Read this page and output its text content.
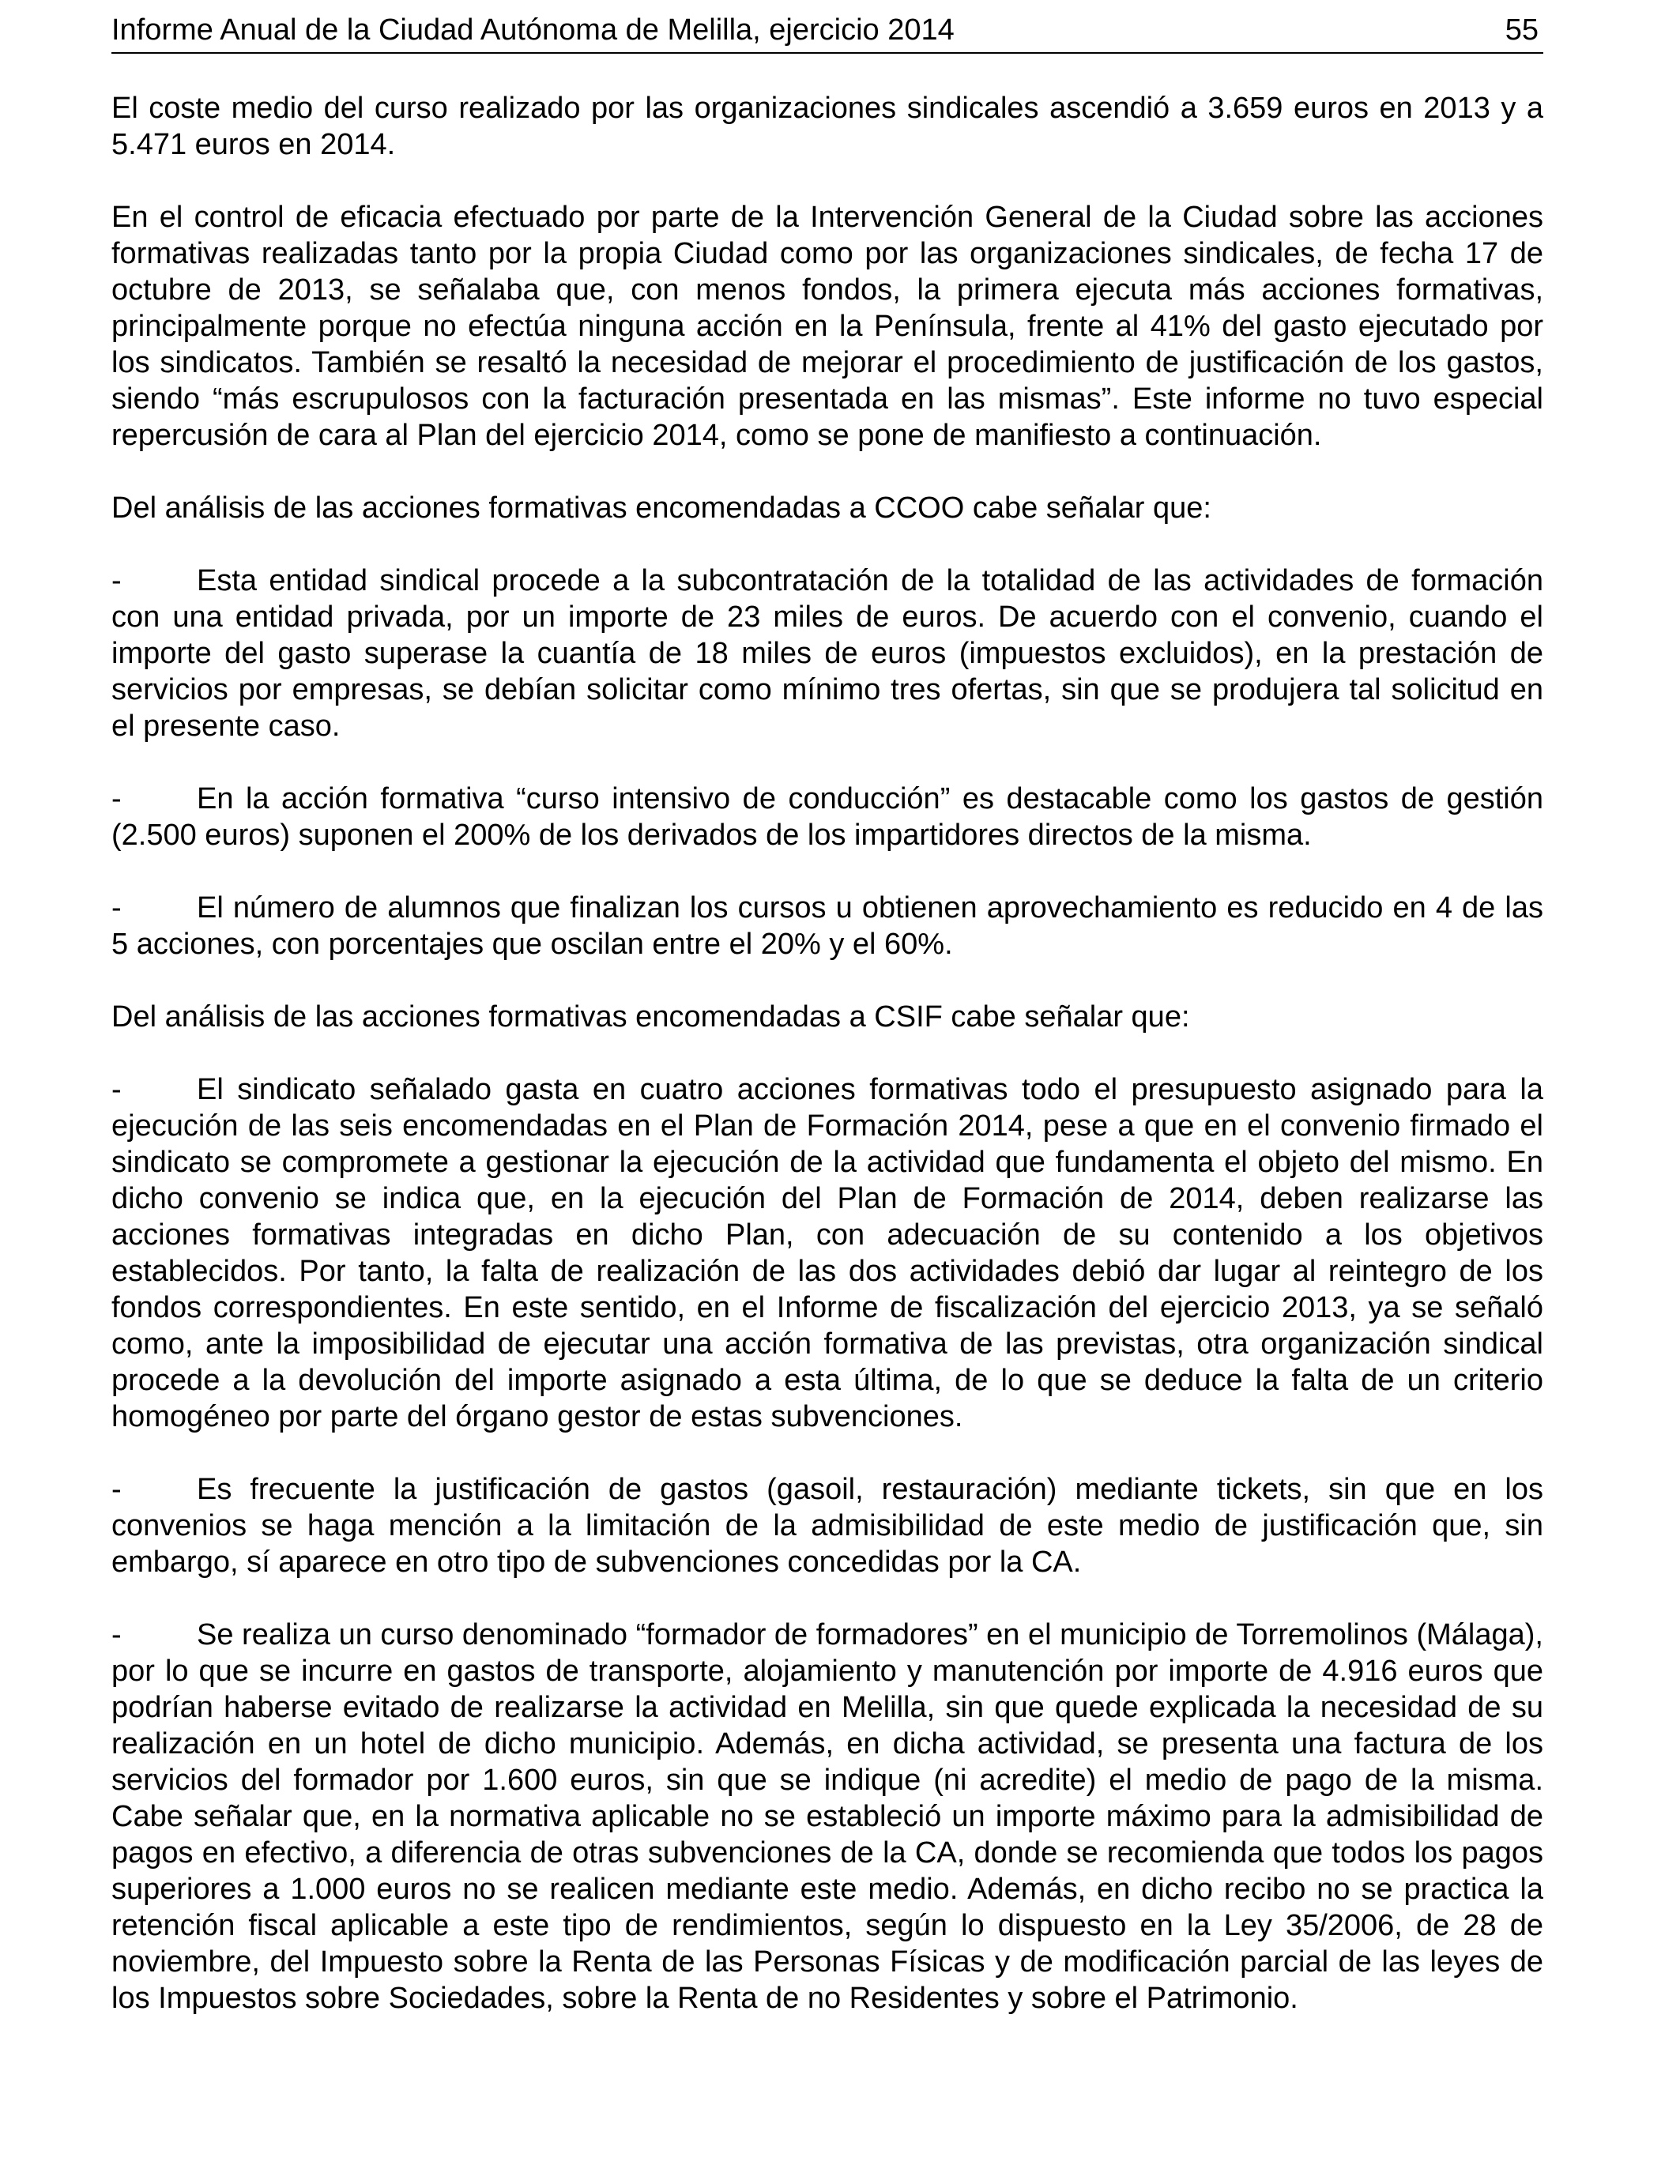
Informe Anual de la Ciudad Autónoma de Melilla, ejercicio 2014	55

El coste medio del curso realizado por las organizaciones sindicales ascendió a 3.659 euros en 2013 y a 5.471 euros en 2014.

En el control de eficacia efectuado por parte de la Intervención General de la Ciudad sobre las acciones formativas realizadas tanto por la propia Ciudad como por las organizaciones sindicales, de fecha 17 de octubre de 2013, se señalaba que, con menos fondos, la primera ejecuta más acciones formativas, principalmente porque no efectúa ninguna acción en la Península, frente al 41% del gasto ejecutado por los sindicatos. También se resaltó la necesidad de mejorar el procedimiento de justificación de los gastos, siendo “más escrupulosos con la facturación presentada en las mismas”. Este informe no tuvo especial repercusión de cara al Plan del ejercicio 2014, como se pone de manifiesto a continuación.

Del análisis de las acciones formativas encomendadas a CCOO cabe señalar que:

-	Esta entidad sindical procede a la subcontratación de la totalidad de las actividades de formación con una entidad privada, por un importe de 23 miles de euros. De acuerdo con el convenio, cuando el importe del gasto superase la cuantía de 18 miles de euros (impuestos excluidos), en la prestación de servicios por empresas, se debían solicitar como mínimo tres ofertas, sin que se produjera tal solicitud en el presente caso.

-	En la acción formativa “curso intensivo de conducción” es destacable como los gastos de gestión (2.500 euros) suponen el 200% de los derivados de los impartidores directos de la misma.

-	El número de alumnos que finalizan los cursos u obtienen aprovechamiento es reducido en 4 de las 5 acciones, con porcentajes que oscilan entre el 20% y el 60%.

Del análisis de las acciones formativas encomendadas a CSIF cabe señalar que:

-	El sindicato señalado gasta en cuatro acciones formativas todo el presupuesto asignado para la ejecución de las seis encomendadas en el Plan de Formación 2014, pese a que en el convenio firmado el sindicato se compromete a gestionar la ejecución de la actividad que fundamenta el objeto del mismo. En dicho convenio se indica que, en la ejecución del Plan de Formación de 2014, deben realizarse las acciones formativas integradas en dicho Plan, con adecuación de su contenido a los objetivos establecidos. Por tanto, la falta de realización de las dos actividades debió dar lugar al reintegro de los fondos correspondientes. En este sentido, en el Informe de fiscalización del ejercicio 2013, ya se señaló como, ante la imposibilidad de ejecutar una acción formativa de las previstas, otra organización sindical procede a la devolución del importe asignado a esta última, de lo que se deduce la falta de un criterio homogéneo por parte del órgano gestor de estas subvenciones.

-	Es frecuente la justificación de gastos (gasoil, restauración) mediante tickets, sin que en los convenios se haga mención a la limitación de la admisibilidad de este medio de justificación que, sin embargo, sí aparece en otro tipo de subvenciones concedidas por la CA.

-	Se realiza un curso denominado “formador de formadores” en el municipio de Torremolinos (Málaga), por lo que se incurre en gastos de transporte, alojamiento y manutención por importe de 4.916 euros que podrían haberse evitado de realizarse la actividad en Melilla, sin que quede explicada la necesidad de su realización en un hotel de dicho municipio. Además, en dicha actividad, se presenta una factura de los servicios del formador por 1.600 euros, sin que se indique (ni acredite) el medio de pago de la misma. Cabe señalar que, en la normativa aplicable no se estableció un importe máximo para la admisibilidad de pagos en efectivo, a diferencia de otras subvenciones de la CA, donde se recomienda que todos los pagos superiores a 1.000 euros no se realicen mediante este medio. Además, en dicho recibo no se practica la retención fiscal aplicable a este tipo de rendimientos, según lo dispuesto en la Ley 35/2006, de 28 de noviembre, del Impuesto sobre la Renta de las Personas Físicas y de modificación parcial de las leyes de los Impuestos sobre Sociedades, sobre la Renta de no Residentes y sobre el Patrimonio.
